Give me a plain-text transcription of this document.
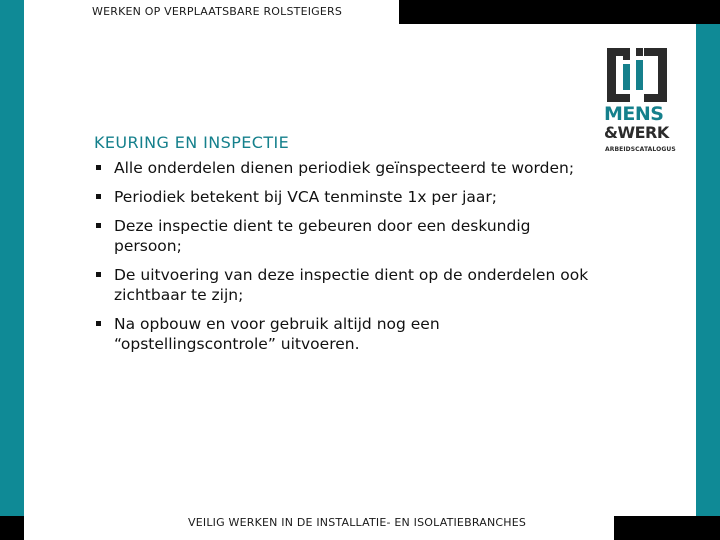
WERKEN OP VERPLAATSBARE ROLSTEIGERS
MENS
&WERK
ARBEIDSCATALOGUS
KEURING EN INSPECTIE
Alle onderdelen dienen periodiek geïnspecteerd te worden;
Periodiek betekent bij VCA tenminste 1x per jaar;
Deze inspectie dient te gebeuren door een deskundig persoon;
De uitvoering van deze inspectie dient op de onderdelen ook zichtbaar te zijn;
Na opbouw en voor gebruik altijd nog een “opstellingscontrole” uitvoeren.
VEILIG WERKEN IN DE INSTALLATIE- EN ISOLATIEBRANCHES
